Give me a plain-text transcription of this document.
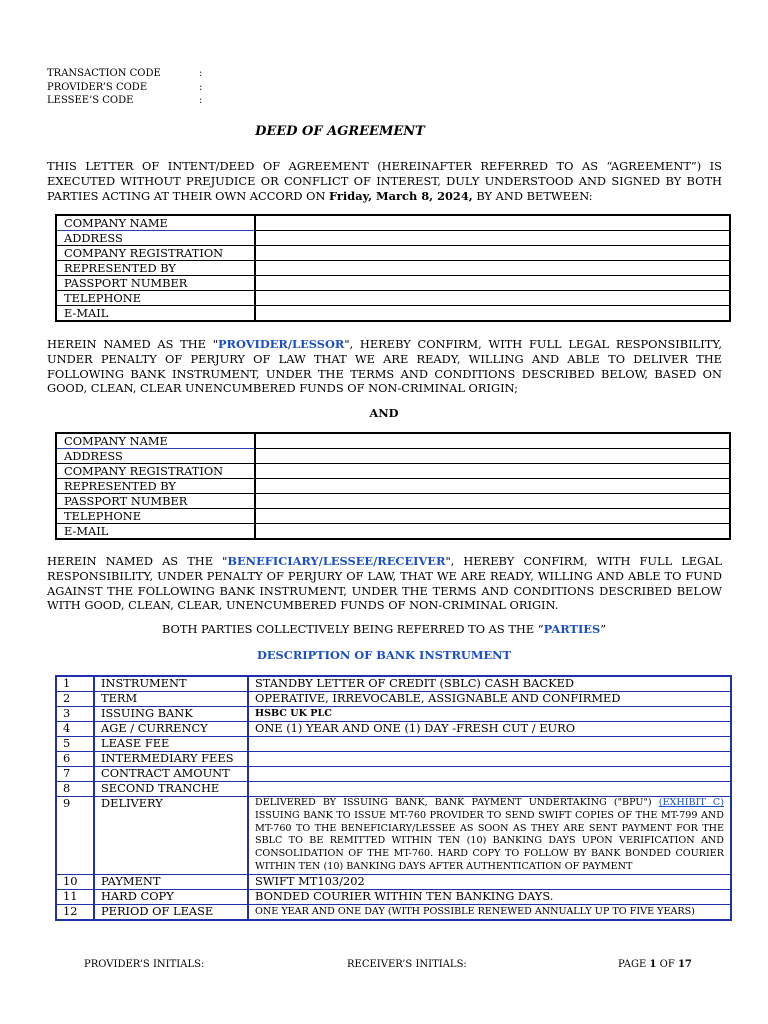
TRANSACTION CODE	:
PROVIDER’S CODE	:
LESSEE’S CODE	:
DEED OF AGREEMENT
THIS LETTER OF INTENT/DEED OF AGREEMENT (HEREINAFTER REFERRED TO AS “AGREEMENT”) IS EXECUTED WITHOUT PREJUDICE OR CONFLICT OF INTEREST, DULY UNDERSTOOD AND SIGNED BY BOTH PARTIES ACTING AT THEIR OWN ACCORD ON Friday, March 8, 2024, BY AND BETWEEN:
COMPANY NAME	
ADDRESS	
COMPANY REGISTRATION	
REPRESENTED BY	
PASSPORT NUMBER	
TELEPHONE	
E-MAIL	
HEREIN NAMED AS THE "PROVIDER/LESSOR", HEREBY CONFIRM, WITH FULL LEGAL RESPONSIBILITY, UNDER PENALTY OF PERJURY OF LAW THAT WE ARE READY, WILLING AND ABLE TO DELIVER THE FOLLOWING BANK INSTRUMENT, UNDER THE TERMS AND CONDITIONS DESCRIBED BELOW, BASED ON GOOD, CLEAN, CLEAR UNENCUMBERED FUNDS OF NON-CRIMINAL ORIGIN;
AND
COMPANY NAME	
ADDRESS	
COMPANY REGISTRATION	
REPRESENTED BY	
PASSPORT NUMBER	
TELEPHONE	
E-MAIL	
HEREIN NAMED AS THE "BENEFICIARY/LESSEE/RECEIVER", HEREBY CONFIRM, WITH FULL LEGAL RESPONSIBILITY, UNDER PENALTY OF PERJURY OF LAW, THAT WE ARE READY, WILLING AND ABLE TO FUND AGAINST THE FOLLOWING BANK INSTRUMENT, UNDER THE TERMS AND CONDITIONS DESCRIBED BELOW WITH GOOD, CLEAN, CLEAR, UNENCUMBERED FUNDS OF NON-CRIMINAL ORIGIN.
BOTH PARTIES COLLECTIVELY BEING REFERRED TO AS THE “PARTIES”
DESCRIPTION OF BANK INSTRUMENT
1	INSTRUMENT	STANDBY LETTER OF CREDIT (SBLC) CASH BACKED
2	TERM	OPERATIVE, IRREVOCABLE, ASSIGNABLE AND CONFIRMED
3	ISSUING BANK	HSBC UK PLC
4	AGE / CURRENCY	ONE (1) YEAR AND ONE (1) DAY -FRESH CUT / EURO
5	LEASE FEE	
6	INTERMEDIARY FEES	
7	CONTRACT AMOUNT	
8	SECOND TRANCHE	
9	DELIVERY	DELIVERED BY ISSUING BANK, BANK PAYMENT UNDERTAKING ("BPU") (EXHIBIT C) ISSUING BANK TO ISSUE MT-760 PROVIDER TO SEND SWIFT COPIES OF THE MT-799 AND MT-760 TO THE BENEFICIARY/LESSEE AS SOON AS THEY ARE SENT PAYMENT FOR THE SBLC TO BE REMITTED WITHIN TEN (10) BANKING DAYS UPON VERIFICATION AND CONSOLIDATION OF THE MT-760. HARD COPY TO FOLLOW BY BANK BONDED COURIER WITHIN TEN (10) BANKING DAYS AFTER AUTHENTICATION OF PAYMENT
10	PAYMENT	SWIFT MT103/202
11	HARD COPY	BONDED COURIER WITHIN TEN BANKING DAYS.
12	PERIOD OF LEASE	ONE YEAR AND ONE DAY (WITH POSSIBLE RENEWED ANNUALLY UP TO FIVE YEARS)
PROVIDER’S INITIALS:	RECEIVER’S INITIALS:	PAGE 1 OF 17
